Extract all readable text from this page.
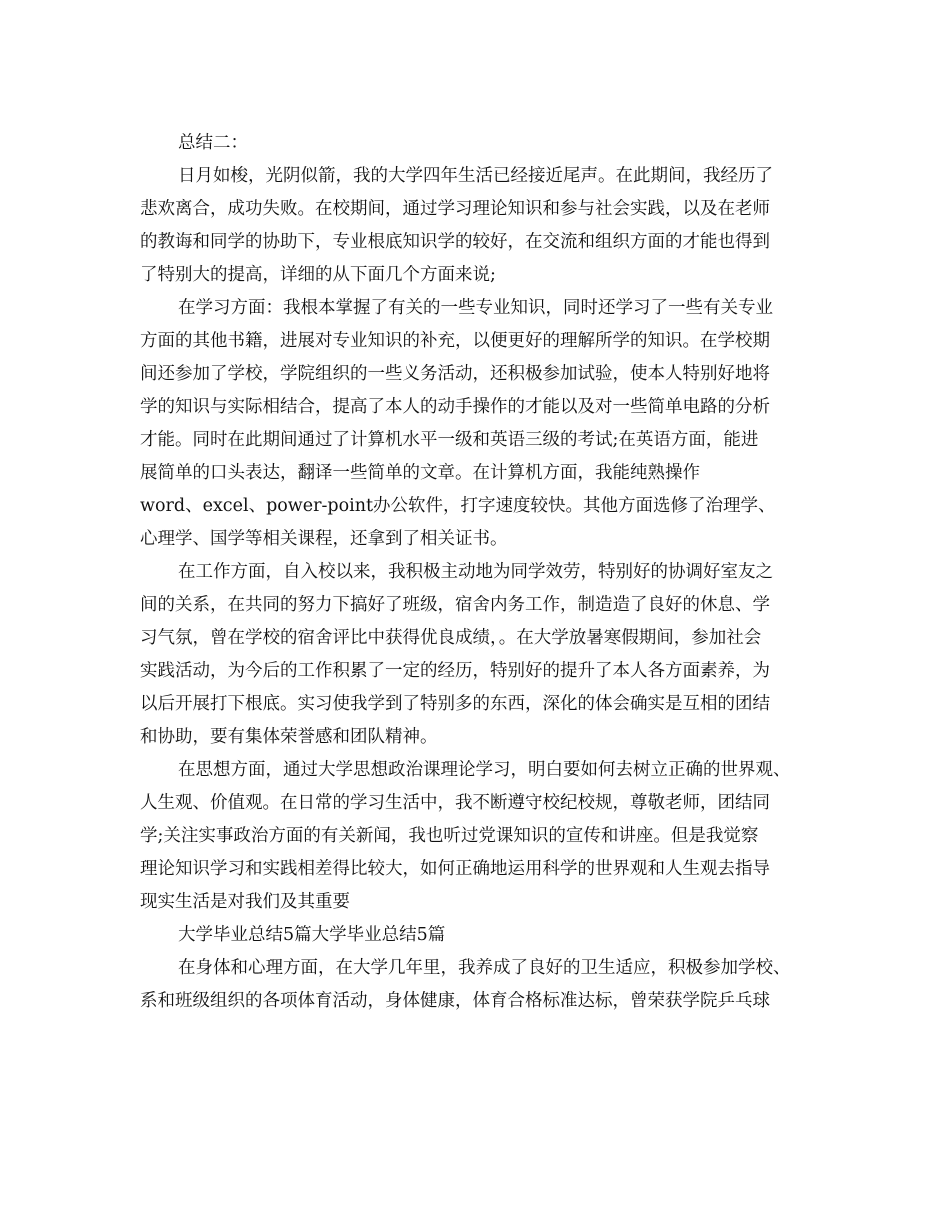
总结二：
日月如梭，光阴似箭，我的大学四年生活已经接近尾声。在此期间，我经历了
悲欢离合，成功失败。在校期间，通过学习理论知识和参与社会实践，以及在老师
的教诲和同学的协助下，专业根底知识学的较好，在交流和组织方面的才能也得到
了特别大的提高，详细的从下面几个方面来说;
在学习方面：我根本掌握了有关的一些专业知识，同时还学习了一些有关专业
方面的其他书籍，进展对专业知识的补充，以便更好的理解所学的知识。在学校期
间还参加了学校，学院组织的一些义务活动，还积极参加试验，使本人特别好地将
学的知识与实际相结合，提高了本人的动手操作的才能以及对一些简单电路的分析
才能。同时在此期间通过了计算机水平一级和英语三级的考试;在英语方面，能进
展简单的口头表达，翻译一些简单的文章。在计算机方面，我能纯熟操作
word、excel、power-point办公软件，打字速度较快。其他方面选修了治理学、
心理学、国学等相关课程，还拿到了相关证书。
在工作方面，自入校以来，我积极主动地为同学效劳，特别好的协调好室友之
间的关系，在共同的努力下搞好了班级，宿舍内务工作，制造造了良好的休息、学
习气氛，曾在学校的宿舍评比中获得优良成绩，。在大学放暑寒假期间，参加社会
实践活动，为今后的工作积累了一定的经历，特别好的提升了本人各方面素养，为
以后开展打下根底。实习使我学到了特别多的东西，深化的体会确实是互相的团结
和协助，要有集体荣誉感和团队精神。
在思想方面，通过大学思想政治课理论学习，明白要如何去树立正确的世界观、
人生观、价值观。在日常的学习生活中，我不断遵守校纪校规，尊敬老师，团结同
学;关注实事政治方面的有关新闻，我也听过党课知识的宣传和讲座。但是我觉察
理论知识学习和实践相差得比较大，如何正确地运用科学的世界观和人生观去指导
现实生活是对我们及其重要
大学毕业总结5篇大学毕业总结5篇
在身体和心理方面，在大学几年里，我养成了良好的卫生适应，积极参加学校、
系和班级组织的各项体育活动，身体健康，体育合格标准达标，曾荣获学院乒乓球
